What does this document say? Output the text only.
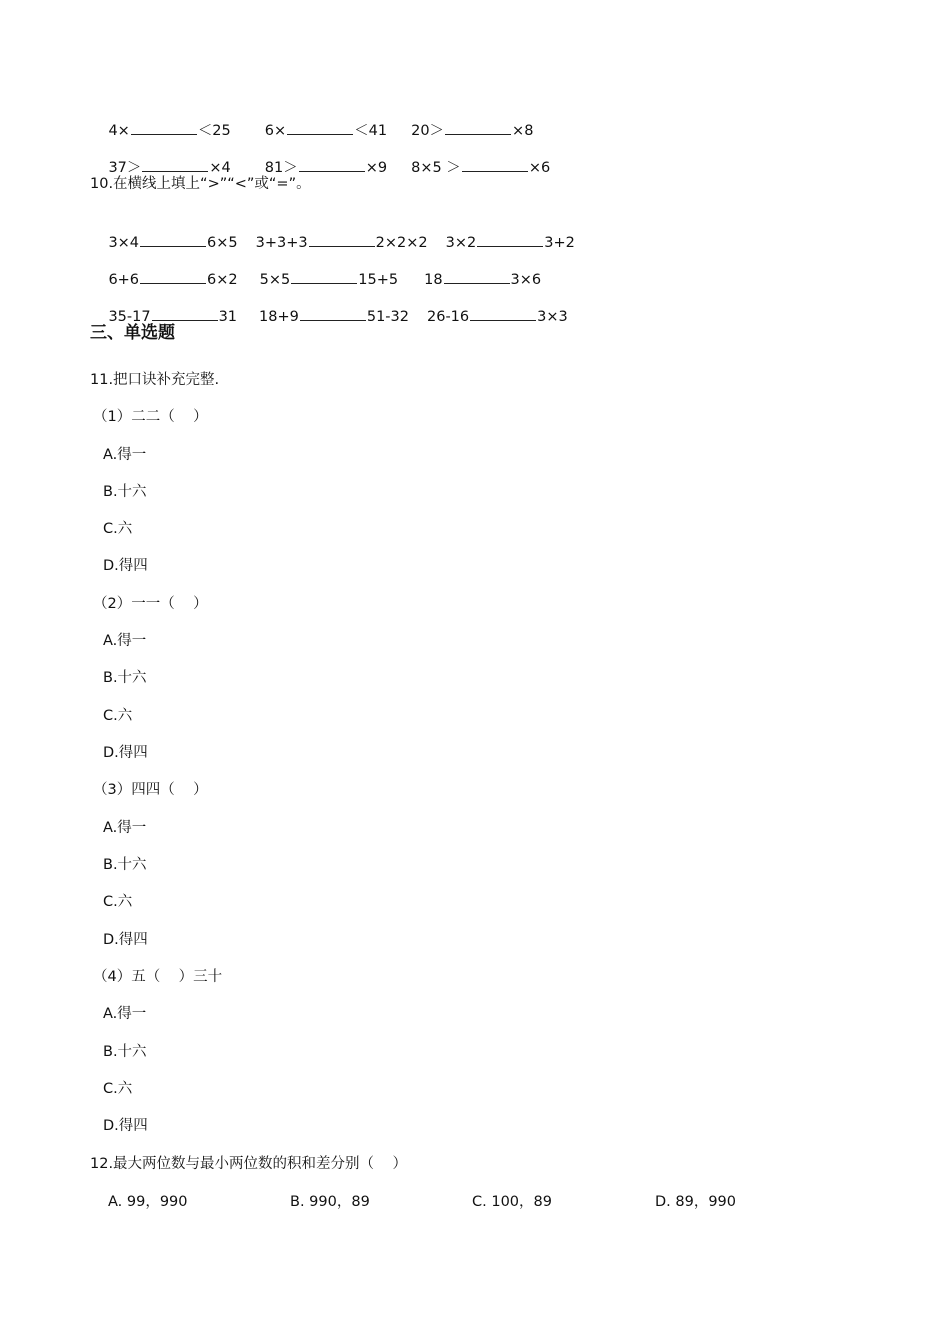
4×	＜25 6×	＜41 20＞	×8

37＞	×4 81＞	×9 8×5 ＞	×6

10.在横线上填上“>”“<”或“=”。

3×4	6×5 3+3+3	2×2×2 3×2	3+2

6+6	6×2 5×5	15+5 18	3×6

35-17	31 18+9	51-32 26-16	3×3

三、单选题
11.把口诀补充完整.
（1）二二（    ）
A.得一
B.十六
C.六
D.得四
（2）一一（    ）
A.得一
B.十六
C.六
D.得四
（3）四四（    ）
A.得一
B.十六
C.六
D.得四
（4）五（    ）三十
A.得一
B.十六
C.六
D.得四
12.最大两位数与最小两位数的积和差分别（    ）
A. 99，990	B. 990，89	C. 100，89	D. 89，990
